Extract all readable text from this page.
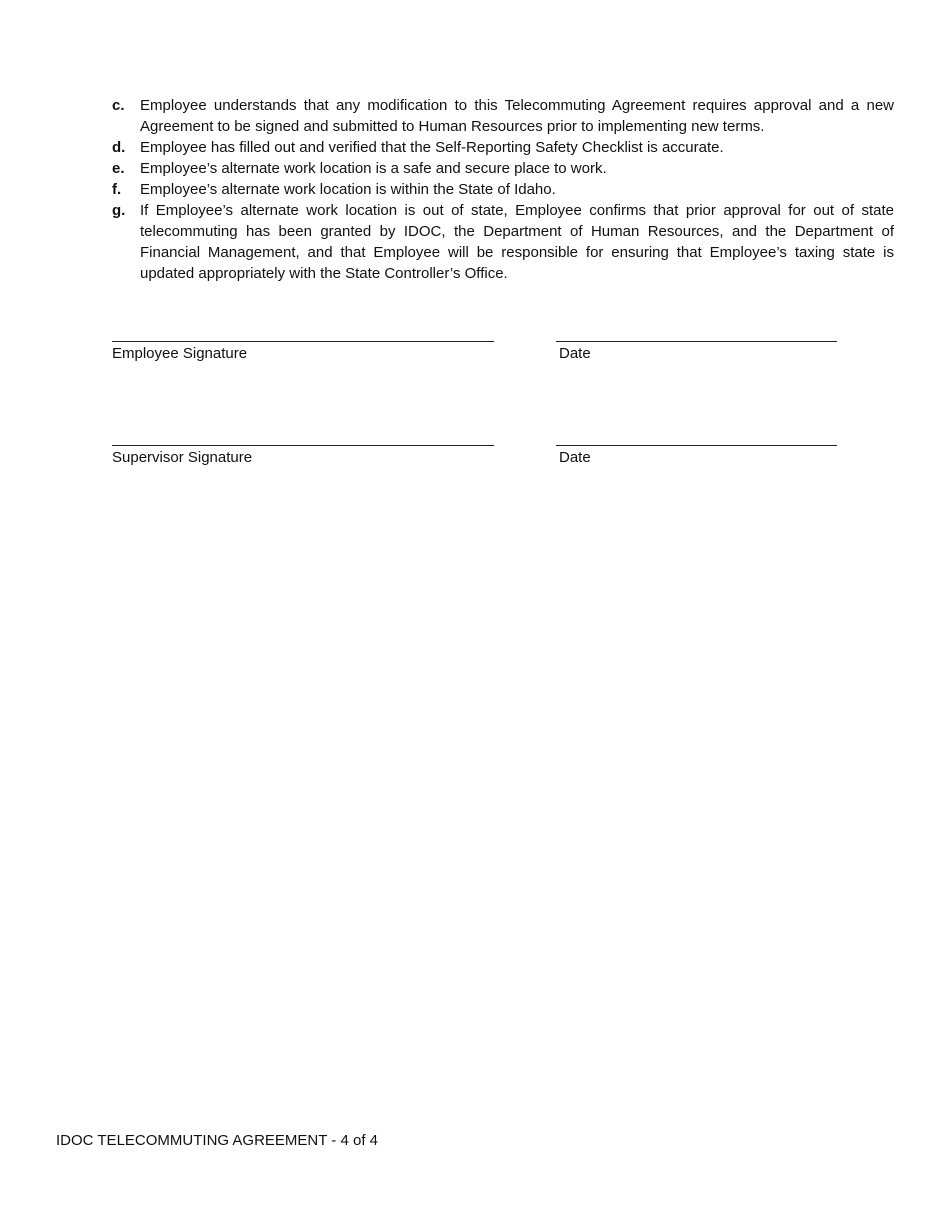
c.	Employee understands that any modification to this Telecommuting Agreement requires approval and a new Agreement to be signed and submitted to Human Resources prior to implementing new terms.
d. Employee has filled out and verified that the Self-Reporting Safety Checklist is accurate.
e.	Employee’s alternate work location is a safe and secure place to work.
f.	Employee’s alternate work location is within the State of Idaho.
g. If Employee’s alternate work location is out of state, Employee confirms that prior approval for out of state telecommuting has been granted by IDOC, the Department of Human Resources, and the Department of Financial Management, and that Employee will be responsible for ensuring that Employee’s taxing state is updated appropriately with the State Controller’s Office.
Employee Signature	Date
Supervisor Signature	Date
IDOC TELECOMMUTING AGREEMENT - 4 of 4
